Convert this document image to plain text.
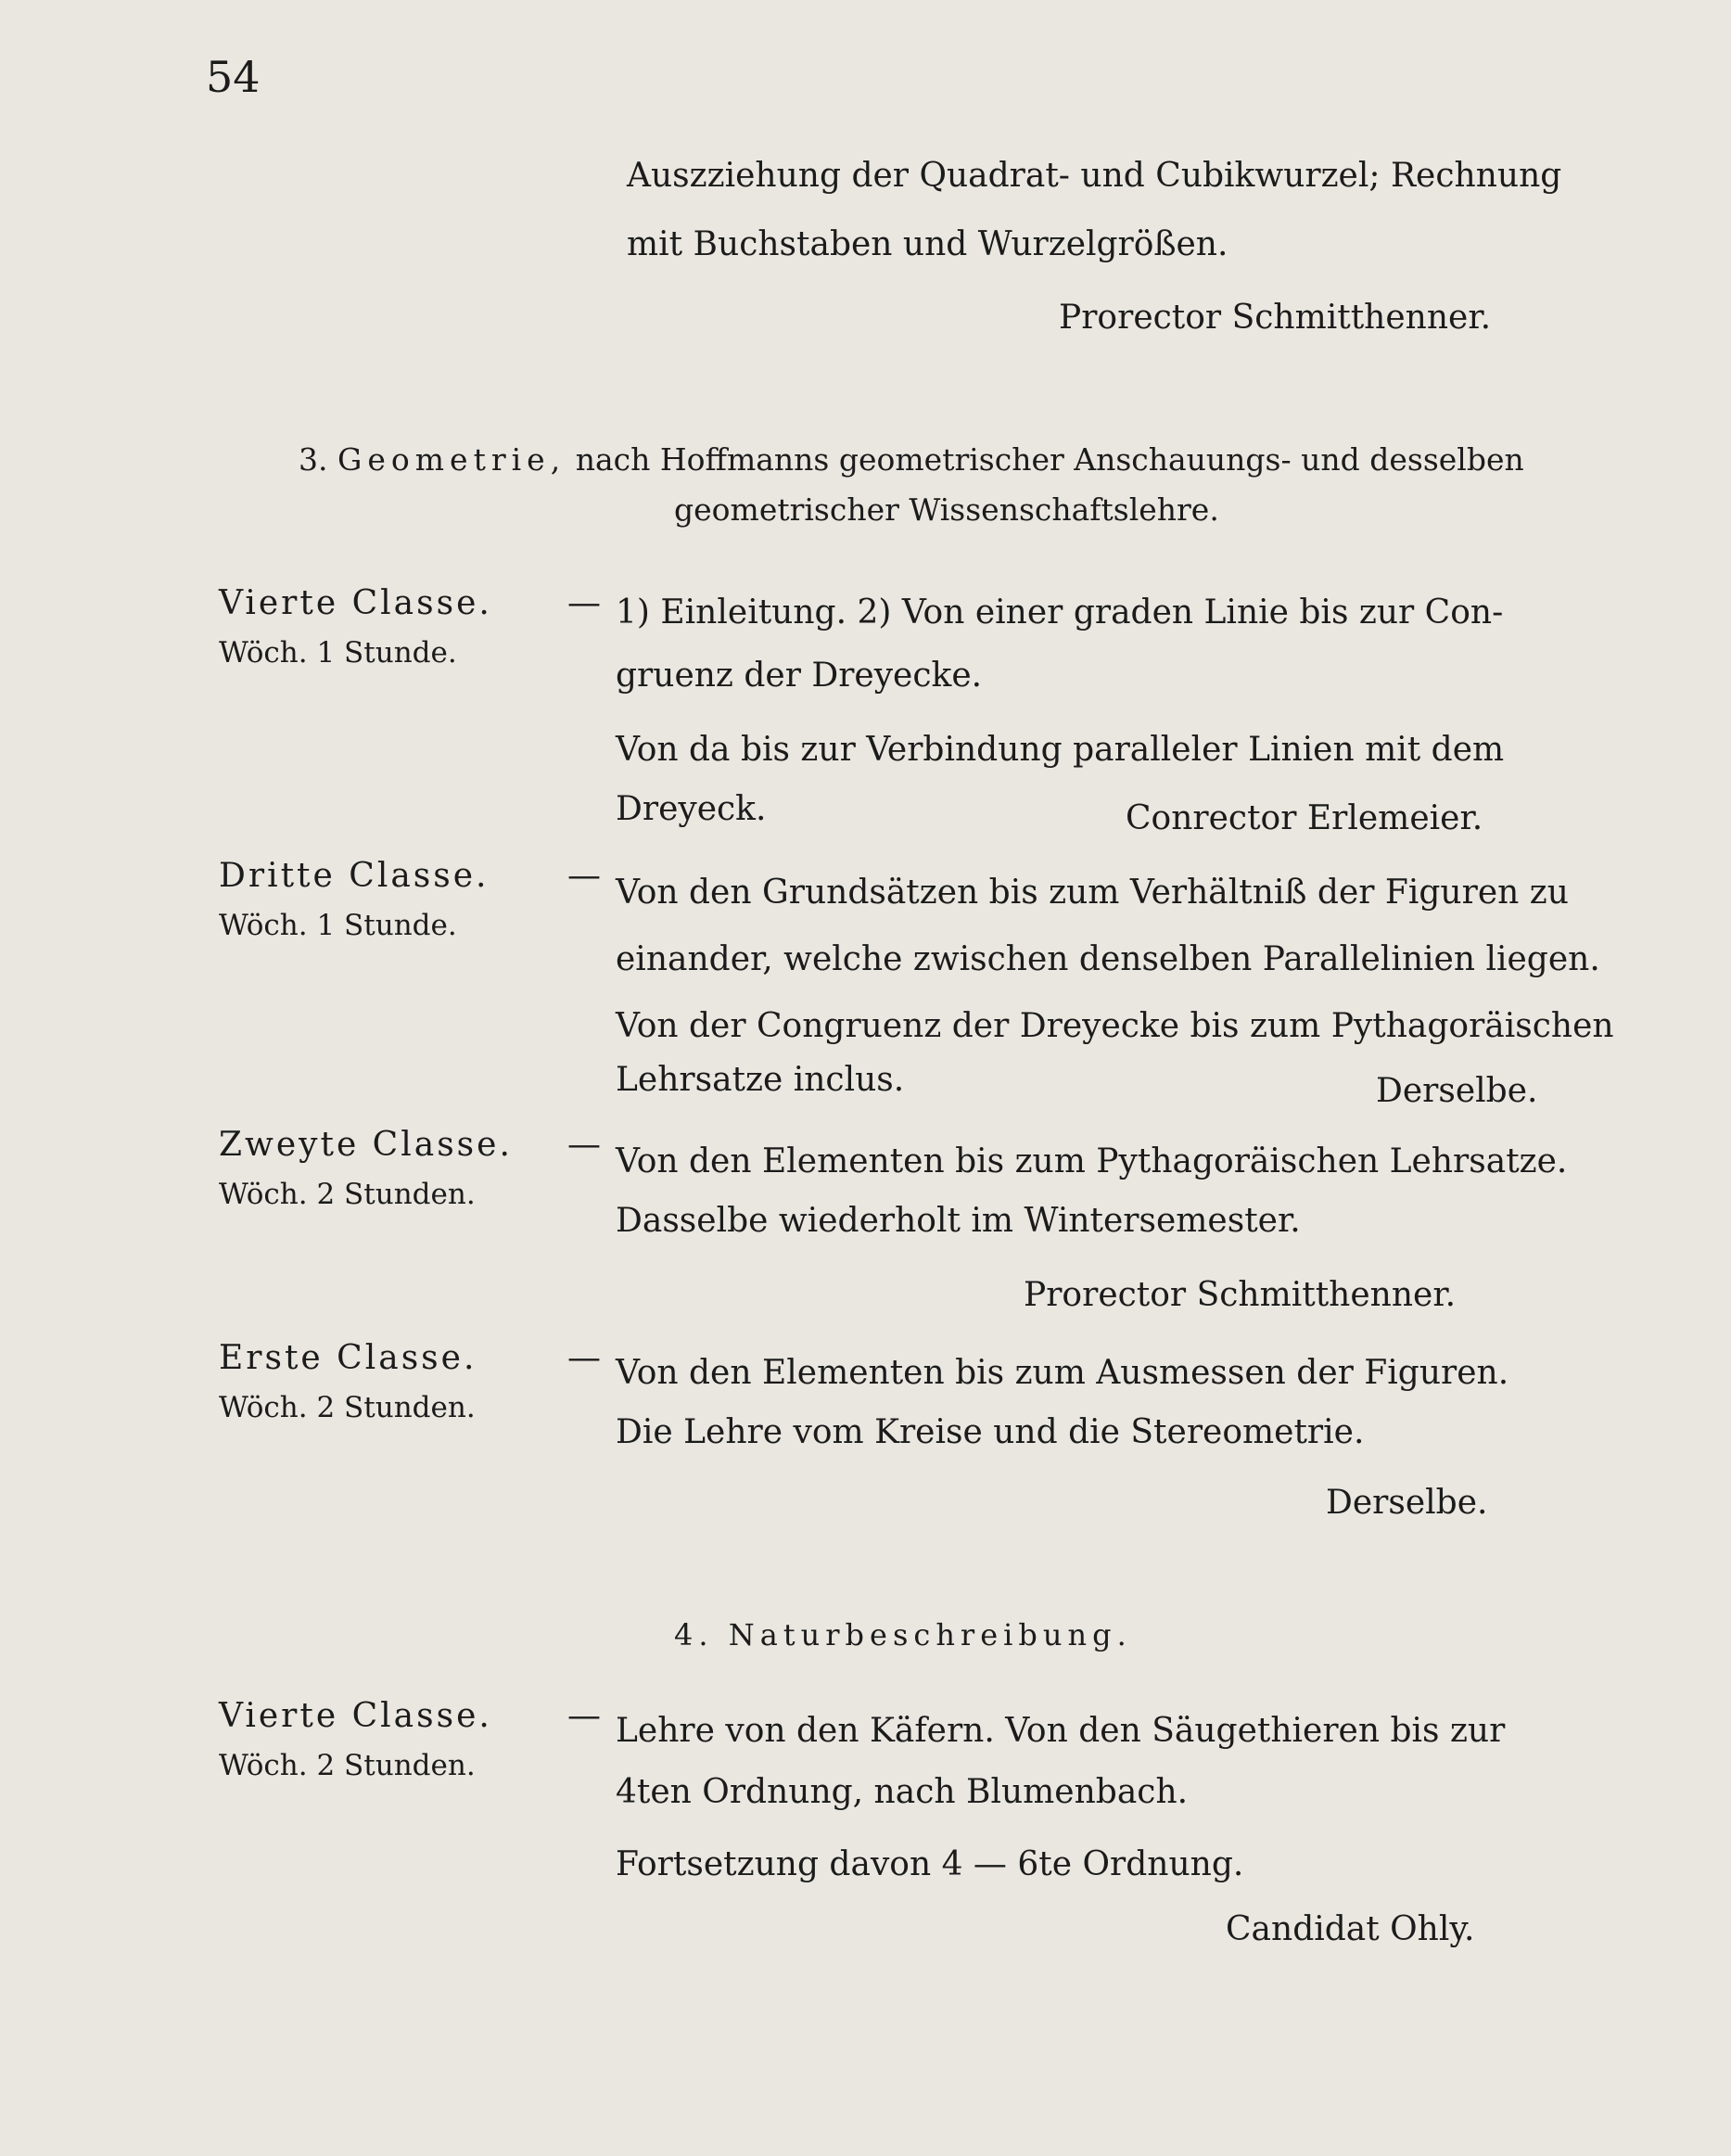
54
Auszziehung der Quadrat- und Cubikwurzel; Rechnung
mit Buchstaben und Wurzelgrößen.
Prorector Schmitthenner.
3. Geometrie, nach Hoffmanns geometrischer Anschauungs- und desselben
geometrischer Wissenschaftslehre.
Vierte Classe. —
Wöch. 1 Stunde.
1) Einleitung. 2) Von einer graden Linie bis zur Con-
gruenz der Dreyecke.
Von da bis zur Verbindung paralleler Linien mit dem
Dreyeck.	Conrector Erlemeier.
Dritte Classe. —
Wöch. 1 Stunde.
Von den Grundsätzen bis zum Verhältniß der Figuren zu
einander, welche zwischen denselben Parallelinien liegen.
Von der Congruenz der Dreyecke bis zum Pythagoräischen
Lehrsatze inclus.	Derselbe.
Zweyte Classe. —
Wöch. 2 Stunden.
Von den Elementen bis zum Pythagoräischen Lehrsatze.
Dasselbe wiederholt im Wintersemester.
Prorector Schmitthenner.
Erste Classe.	—
Wöch. 2 Stunden.
Von den Elementen bis zum Ausmessen der Figuren.
Die Lehre vom Kreise und die Stereometrie.
Derselbe.
4. Naturbeschreibung.
Vierte Classe. —
Wöch. 2 Stunden.
Lehre von den Käfern. Von den Säugethieren bis zur
4ten Ordnung, nach Blumenbach.
Fortsetzung davon 4 — 6te Ordnung.
Candidat Ohly.
